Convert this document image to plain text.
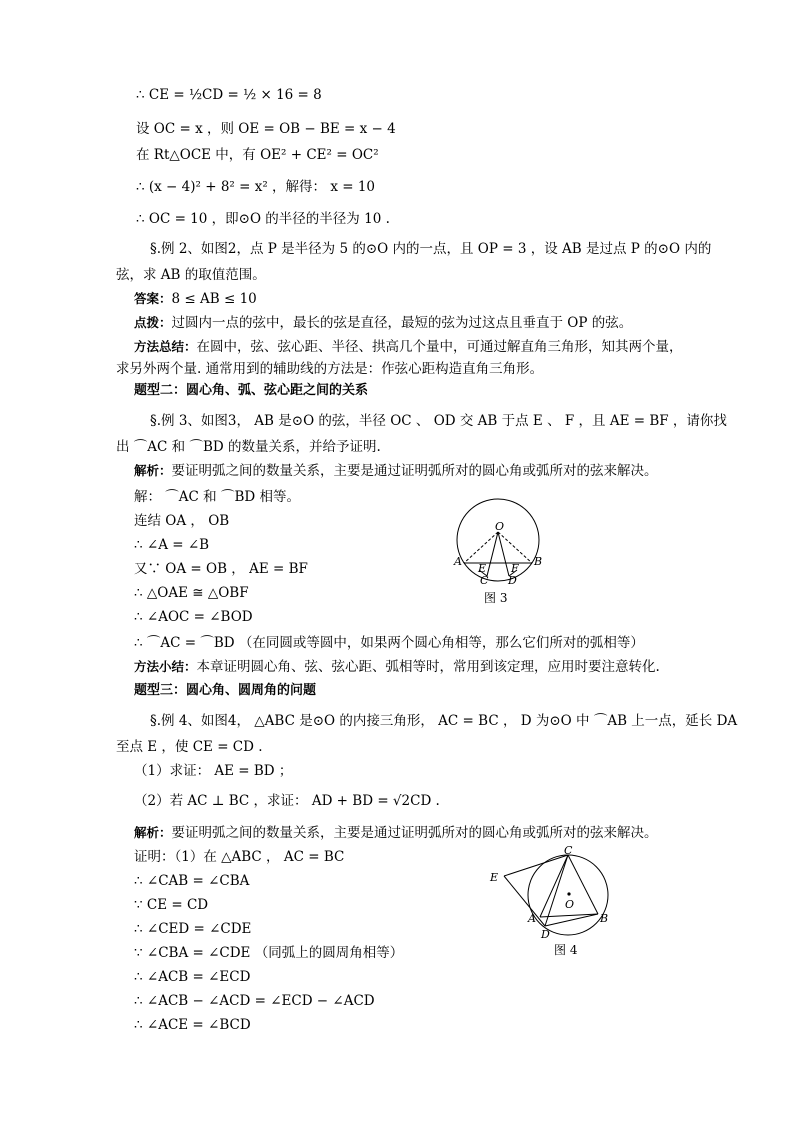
∴ CE = ½CD = ½ × 16 = 8
设 OC = x ，则 OE = OB − BE = x − 4
在 Rt△OCE 中，有 OE² + CE² = OC²
∴ (x − 4)² + 8² = x² ，解得： x = 10
∴ OC = 10 ，即⊙O 的半径的半径为 10 .
§.例 2、如图2，点 P 是半径为 5 的⊙O 内的一点，且 OP = 3 ，设 AB 是过点 P 的⊙O 内的
弦，求 AB 的取值范围。
答案：8 ≤ AB ≤ 10
点拨：过圆内一点的弦中，最长的弦是直径，最短的弦为过这点且垂直于 OP 的弦。
方法总结：在圆中，弦、弦心距、半径、拱高几个量中，可通过解直角三角形，知其两个量，
求另外两个量. 通常用到的辅助线的方法是：作弦心距构造直角三角形。
题型二：圆心角、弧、弦心距之间的关系
§.例 3、如图3， AB 是⊙O 的弦，半径 OC 、 OD 交 AB 于点 E 、 F ，且 AE = BF ，请你找
出 ⌒AC 和 ⌒BD 的数量关系，并给予证明.
解析：要证明弧之间的数量关系，主要是通过证明弧所对的圆心角或弧所对的弦来解决。
解： ⌒AC 和 ⌒BD 相等。
连结 OA ， OB
∴ ∠A = ∠B
又∵ OA = OB ， AE = BF
∴ △OAE ≅ △OBF
∴ ∠AOC = ∠BOD
∴ ⌒AC = ⌒BD （在同圆或等圆中，如果两个圆心角相等，那么它们所对的弧相等）
方法小结：本章证明圆心角、弦、弦心距、弧相等时，常用到该定理，应用时要注意转化.
题型三：圆心角、圆周角的问题
§.例 4、如图4， △ABC 是⊙O 的内接三角形， AC = BC ， D 为⊙O 中 ⌒AB 上一点，延长 DA
至点 E ，使 CE = CD .
（1）求证： AE = BD ；
（2）若 AC ⊥ BC ，求证： AD + BD = √2CD .
解析：要证明弧之间的数量关系，主要是通过证明弧所对的圆心角或弧所对的弦来解决。
证明：（1）在 △ABC ， AC = BC
∴ ∠CAB = ∠CBA
∵ CE = CD
∴ ∠CED = ∠CDE
∵ ∠CBA = ∠CDE （同弧上的圆周角相等）
∴ ∠ACB = ∠ECD
∴ ∠ACB − ∠ACD = ∠ECD − ∠ACD
∴ ∠ACE = ∠BCD
O
A	B
E F
C D
图 3
C
E
O
A	B
D
图 4
